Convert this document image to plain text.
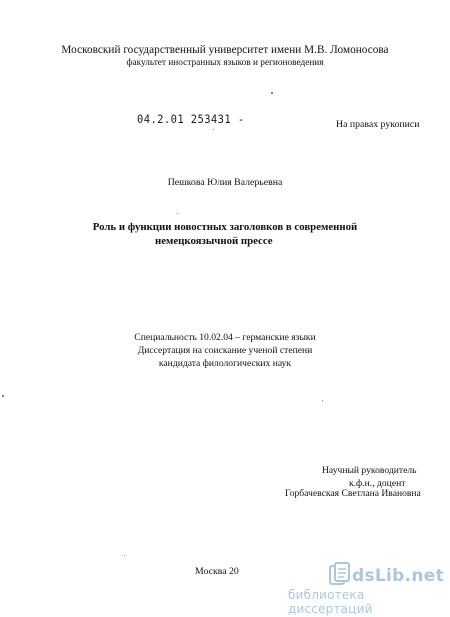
Московский государственный университет имени М.В. Ломоносова
факультет иностранных языков и регионоведения
04.2.01 253431 -	На правах рукописи
Пешкова Юлия Валерьевна
Роль и функции новостных заголовков в современной
немецкоязычной прессе
Специальность 10.02.04 – германские языки
Диссертация на соискание ученой степени
кандидата филологических наук
Научный руководитель
к.ф.н., доцент
Горбачевская Светлана Ивановна
Москва 20	dsLib.net
библиотека диссертаций
